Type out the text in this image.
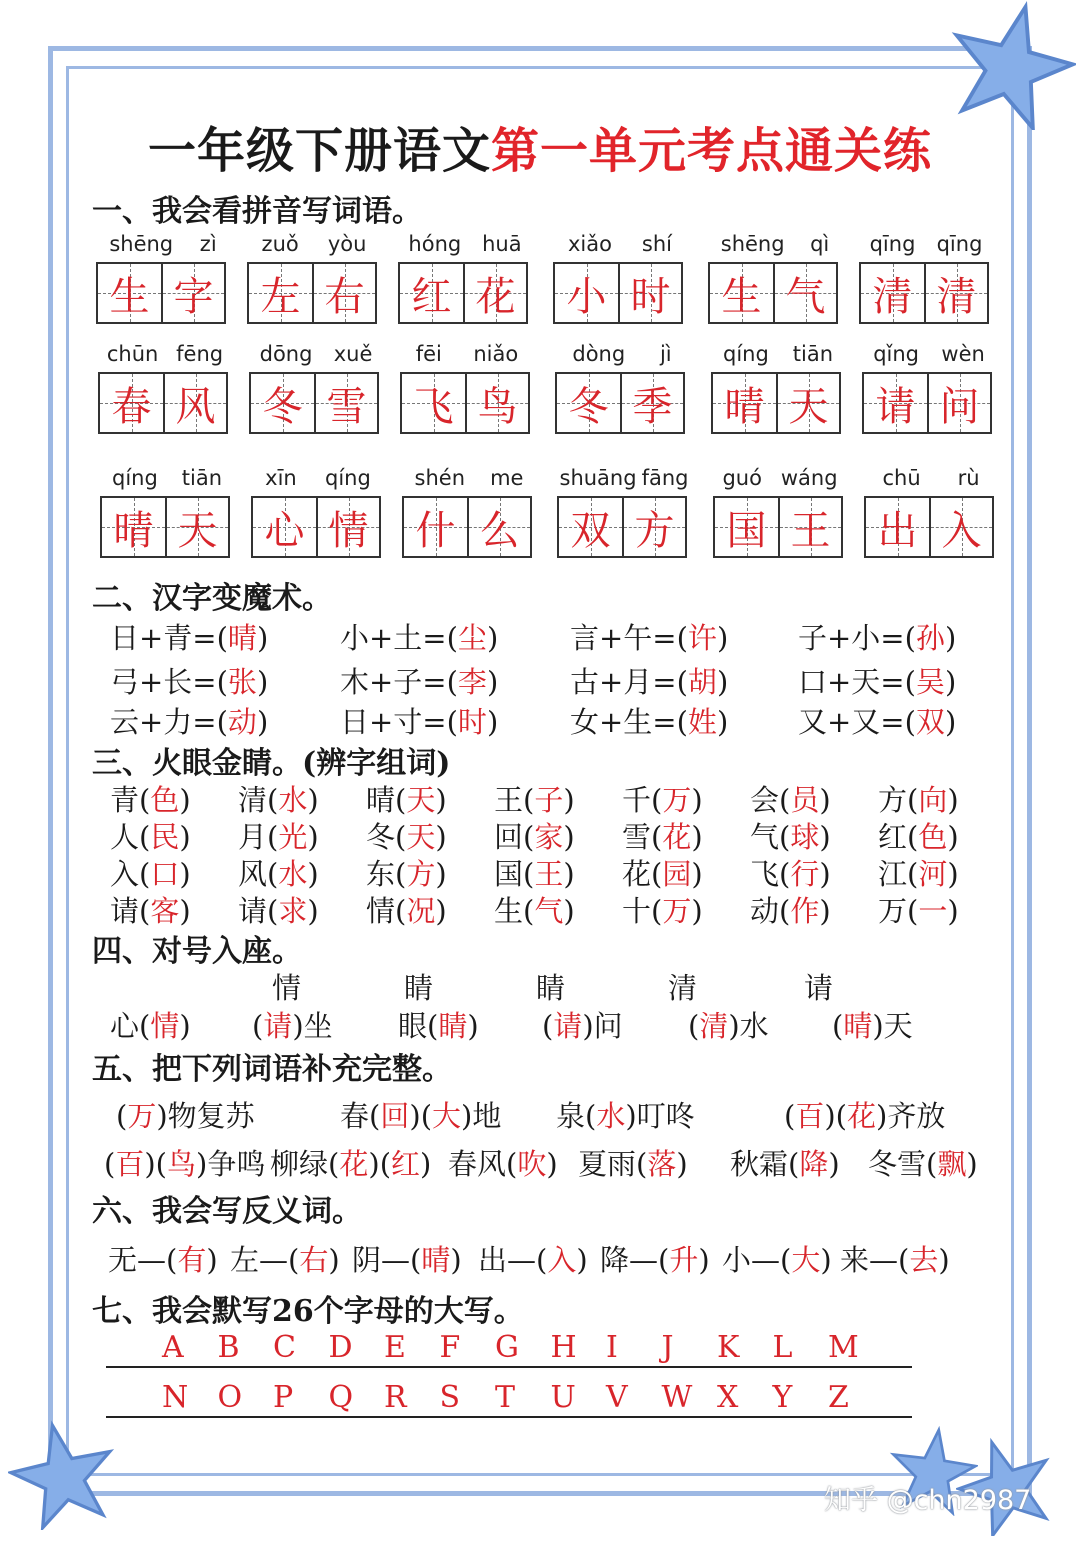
一年级下册语文第一单元考点通关练
一、我会看拼音写词语。
二、汉字变魔术。
三、火眼金睛。(辨字组词)
四、对号入座。
五、把下列词语补充完整。
六、我会写反义词。
七、我会默写26个字母的大写。
shēng zì
生 字
zuǒ yòu
左 右
hóng huā
红 花
xiǎo shí
小 时
shēng qì
生 气
qīng qīng
清 清
chūn fēng
春 风
dōng xuě
冬 雪
fēi niǎo
飞 鸟
dòng jì
冬 季
qíng tiān
晴 天
qǐng wèn
请 问
qíng tiān
晴 天
xīn qíng
心 情
shén me
什 么
shuāng fāng
双 方
guó wáng
国 王
chū rù
出 入
日+青=(晴) 小+土=(尘) 言+午=(许) 子+小=(孙)
弓+长=(张) 木+子=(李) 古+月=(胡) 口+天=(吴)
云+力=(动) 日+寸=(时) 女+生=(姓) 又+又=(双)
青(色) 清(水) 晴(天) 王(子) 千(万) 会(员) 方(向)
人(民) 月(光) 冬(天) 回(家) 雪(花) 气(球) 红(色)
入(口) 风(水) 东(方) 国(王) 花(园) 飞(行) 江(河)
请(客) 请(求) 情(况) 生(气) 十(万) 动(作) 万(一)
情	睛	睛	清	请
心(情) (请)坐 眼(睛) (请)问 (清)水 (晴)天
(万)物复苏	春(回)(大)地 泉(水)叮咚	(百)(花)齐放
(百)(鸟)争鸣 柳绿(花)(红) 春风(吹) 夏雨(落) 秋霜(降) 冬雪(飘)
无—(有) 左—(右) 阴—(晴) 出—(入) 降—(升) 小—(大) 来—(去)
A B C D E F G H I J K L M
N O P Q R S T U V W X Y Z
知乎 @chn2987
